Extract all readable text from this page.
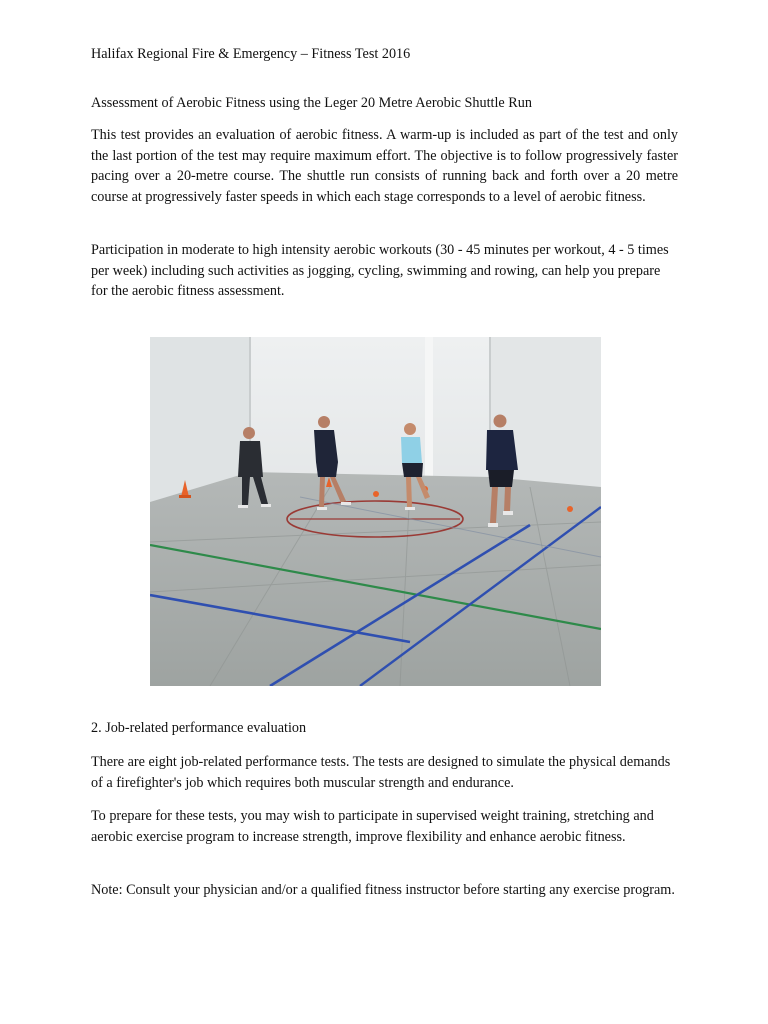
Halifax Regional Fire & Emergency – Fitness Test 2016

Assessment of Aerobic Fitness using the Leger 20 Metre Aerobic Shuttle Run

This test provides an evaluation of aerobic fitness. A warm-up is included as part of the test and only the last portion of the test may require maximum effort. The objective is to follow progressively faster pacing over a 20-metre course. The shuttle run consists of running back and forth over a 20 metre course at progressively faster speeds in which each stage corresponds to a level of aerobic fitness.

Participation in moderate to high intensity aerobic workouts (30 - 45 minutes per workout, 4 - 5 times per week) including such activities as jogging, cycling, swimming and rowing, can help you prepare for the aerobic fitness assessment.

2. Job-related performance evaluation

There are eight job-related performance tests. The tests are designed to simulate the physical demands of a firefighter's job which requires both muscular strength and endurance.

To prepare for these tests, you may wish to participate in supervised weight training, stretching and aerobic exercise program to increase strength, improve flexibility and enhance aerobic fitness.

Note: Consult your physician and/or a qualified fitness instructor before starting any exercise program.
